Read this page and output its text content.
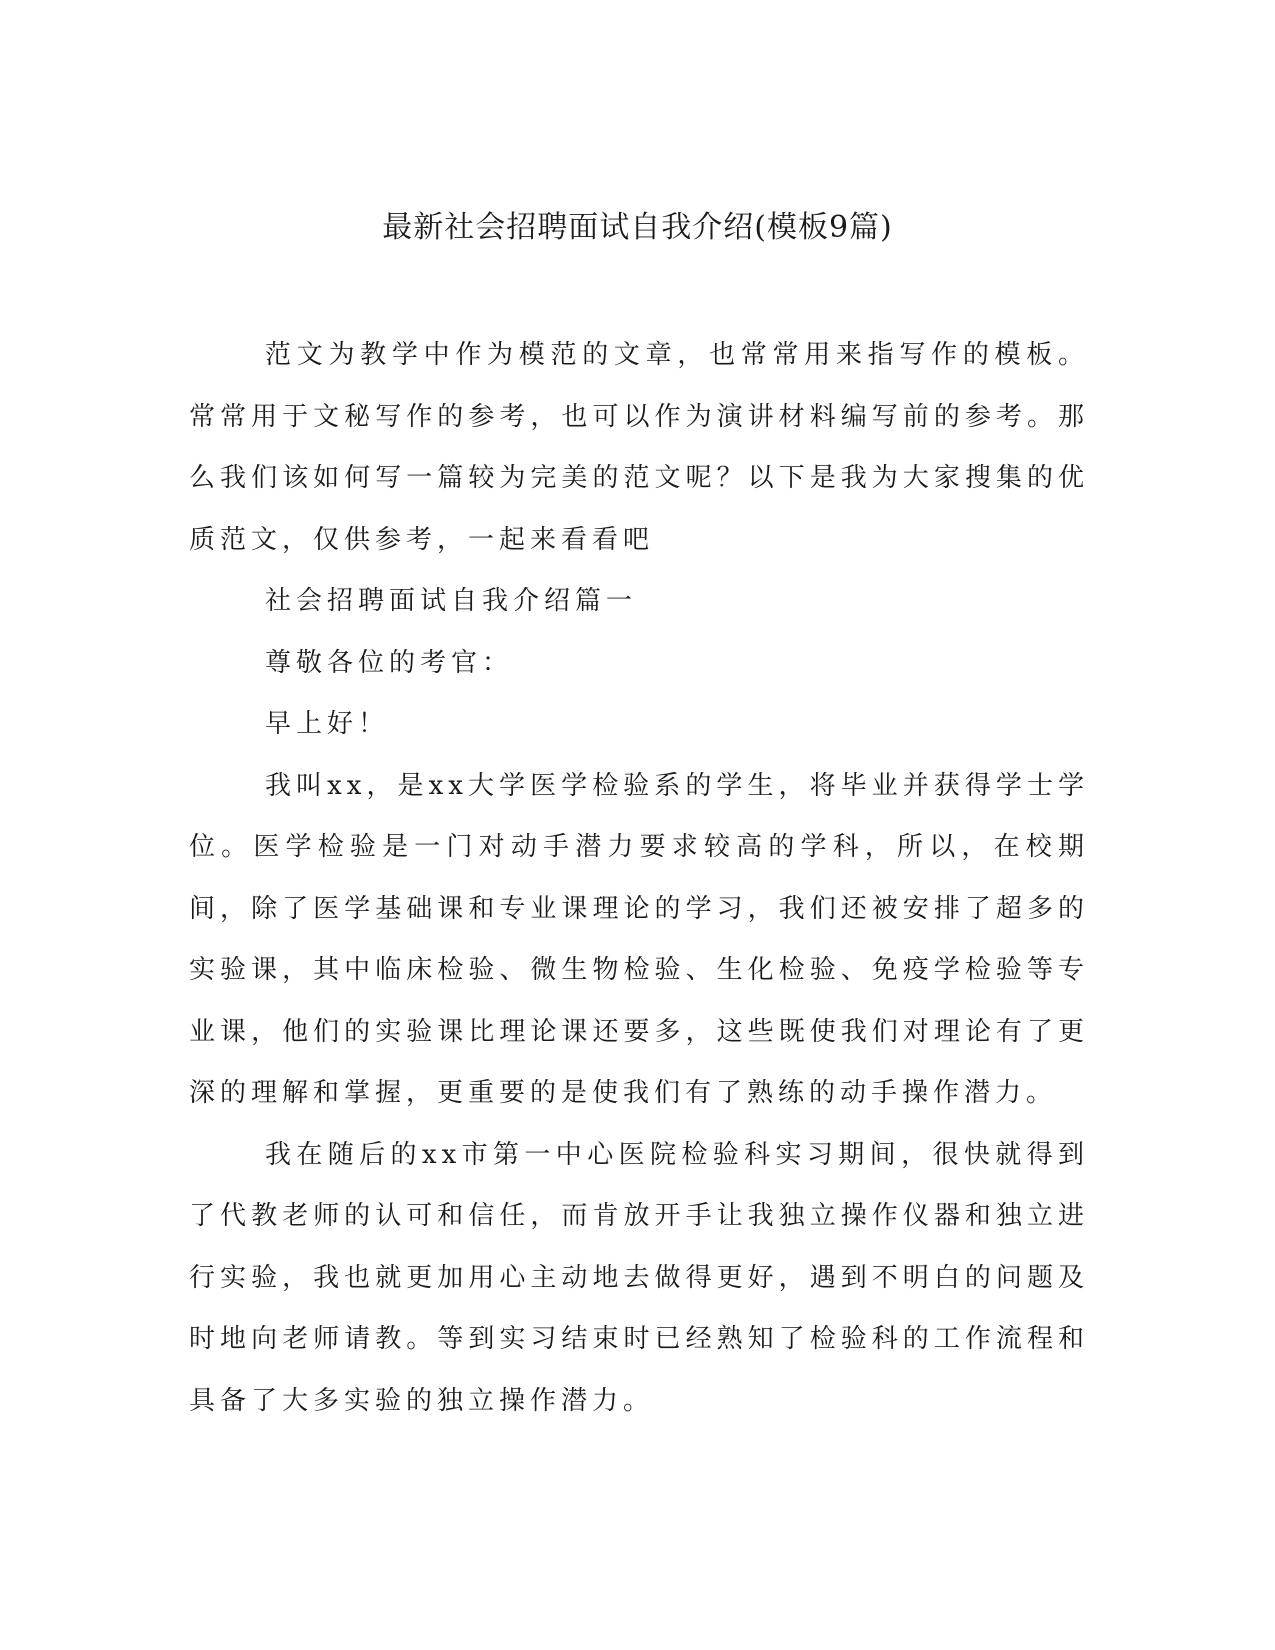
最新社会招聘面试自我介绍(模板9篇)

范文为教学中作为模范的文章，也常常用来指写作的模板。常常用于文秘写作的参考，也可以作为演讲材料编写前的参考。那么我们该如何写一篇较为完美的范文呢？以下是我为大家搜集的优质范文，仅供参考，一起来看看吧

社会招聘面试自我介绍篇一

尊敬各位的考官：

早上好！

我叫xx，是xx大学医学检验系的学生，将毕业并获得学士学位。医学检验是一门对动手潜力要求较高的学科，所以，在校期间，除了医学基础课和专业课理论的学习，我们还被安排了超多的实验课，其中临床检验、微生物检验、生化检验、免疫学检验等专业课，他们的实验课比理论课还要多，这些既使我们对理论有了更深的理解和掌握，更重要的是使我们有了熟练的动手操作潜力。

我在随后的xx市第一中心医院检验科实习期间，很快就得到了代教老师的认可和信任，而肯放开手让我独立操作仪器和独立进行实验，我也就更加用心主动地去做得更好，遇到不明白的问题及时地向老师请教。等到实习结束时已经熟知了检验科的工作流程和具备了大多实验的独立操作潜力。
